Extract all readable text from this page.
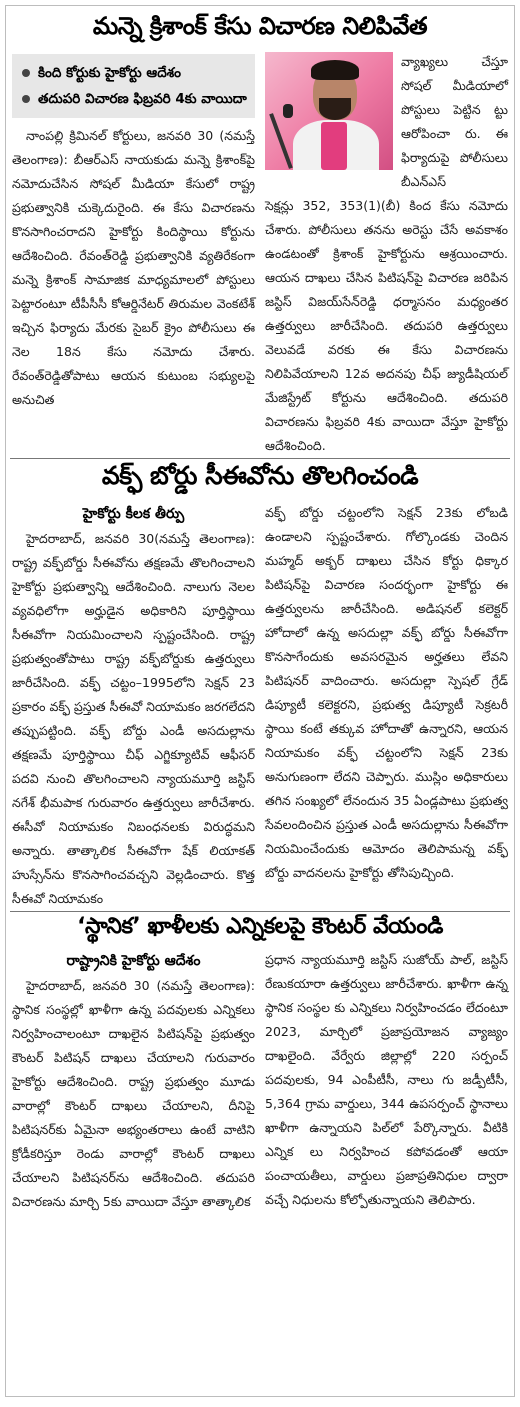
మన్నె క్రిశాంక్ కేసు విచారణ నిలిపివేత
కింది కోర్టుకు హైకోర్టు ఆదేశం
తదుపరి విచారణ ఫిబ్రవరి 4కు వాయిదా

నాంపల్లి క్రిమినల్ కోర్టులు, జనవరి 30 (నమస్తే తెలంగాణ): బీఆర్ఎస్ నాయకుడు మన్నె క్రిశాంక్‌పై నమోదుచేసిన సోషల్ మీడియా కేసులో రాష్ట్ర ప్రభుత్వానికి చుక్కెదురైంది. ఈ కేసు విచారణను కొనసాగించరాదని హైకోర్టు కిందిస్థాయి కోర్టును ఆదేశించింది. రేవంత్‌రెడ్డి ప్రభుత్వానికి వ్యతిరేకంగా మన్నె క్రిశాంక్ సామాజిక మాధ్యమాలలో పోస్టులు పెట్టారంటూ టీపీసీసీ కోఆర్డినేటర్ తిరుమల వెంకటేశ్ ఇచ్చిన ఫిర్యాదు మేరకు సైబర్ క్రైం పోలీసులు ఈ నెల 18న కేసు నమోదు చేశారు. రేవంత్‌రెడ్డితోపాటు ఆయన కుటుంబ సభ్యులపై అనుచిత

వ్యాఖ్యలు చేస్తూ సోషల్ మీడియాలో పోస్టులు పెట్టిన ట్టు ఆరోపించా రు. ఈ ఫిర్యాదుపై పోలీసులు బీఎన్ఎస్

సెక్షన్లు 352, 353(1)(బీ) కింద కేసు నమోదు చేశారు. పోలీసులు తనను అరెస్టు చేసే అవకాశం ఉండటంతో క్రిశాంక్ హైకోర్టును ఆశ్రయించారు. ఆయన దాఖలు చేసిన పిటిషన్‌పై విచారణ జరిపిన జస్టిస్ విజయ్‌సేన్‌రెడ్డి ధర్మాసనం మధ్యంతర ఉత్తర్వులు జారీచేసింది. తదుపరి ఉత్తర్వులు వెలువడే వరకు ఈ కేసు విచారణను నిలిపివేయాలని 12వ అదనపు చీఫ్ జ్యుడీషియల్ మేజిస్ట్రేట్ కోర్టును ఆదేశించింది. తదుపరి విచారణను ఫిబ్రవరి 4కు వాయిదా వేస్తూ హైకోర్టు ఆదేశించింది.

వక్ఫ్ బోర్డు సీఈవోను తొలగించండి
హైకోర్టు కీలక తీర్పు

హైదరాబాద్, జనవరి 30(నమస్తే తెలంగాణ): రాష్ట్ర వక్ఫ్‌బోర్డు సీఈవోను తక్షణమే తొలగించాలని హైకోర్టు ప్రభుత్వాన్ని ఆదేశించింది. నాలుగు నెలల వ్యవధిలోగా అర్హుడైన అధికారిని పూర్తిస్థాయి సీఈవోగా నియమించాలని స్పష్టంచేసింది. రాష్ట్ర ప్రభుత్వంతోపాటు రాష్ట్ర వక్ఫ్‌బోర్డుకు ఉత్తర్వులు జారీచేసింది. వక్ఫ్ చట్టం–1995లోని సెక్షన్ 23 ప్రకారం వక్ఫ్ ప్రస్తుత సీఈవో నియామకం జరగలేదని తప్పుపట్టింది. వక్ఫ్ బోర్డు ఎండీ అసదుల్లాను తక్షణమే పూర్తిస్థాయి చీఫ్ ఎగ్జిక్యూటివ్ ఆఫీసర్ పదవి నుంచి తొలగించాలని న్యాయమూర్తి జస్టిస్ నగేశ్ భీమపాక గురువారం ఉత్తర్వులు జారీచేశారు. ఈసీవో నియామకం నిబంధనలకు విరుద్ధమని అన్నారు. తాత్కాలిక సీఈవోగా షేక్ లియాకత్ హుస్సేన్‌ను కొనసాగించవచ్చని వెల్లడించారు. కొత్త సీఈవో నియామకం

వక్ఫ్ బోర్డు చట్టంలోని సెక్షన్ 23కు లోబడి ఉండాలని స్పష్టంచేశారు. గోల్కొండకు చెందిన మహ్మద్ అక్బర్ దాఖలు చేసిన కోర్టు ధిక్కార పిటిషన్‌పై విచారణ సందర్భంగా హైకోర్టు ఈ ఉత్తర్వులను జారీచేసింది. అడిషనల్ కలెక్టర్ హోదాలో ఉన్న అసదుల్లా వక్ఫ్ బోర్డు సీఈవోగా కొనసాగేందుకు అవసరమైన అర్హతలు లేవని పిటిషనర్ వాదించారు. అసదుల్లా స్పెషల్ గ్రేడ్ డిప్యూటీ కలెక్టరని, ప్రభుత్వ డిప్యూటీ సెక్రటరీ స్థాయి కంటే తక్కువ హోదాతో ఉన్నారని, ఆయన నియామకం వక్ఫ్ చట్టంలోని సెక్షన్ 23కు అనుగుణంగా లేదని చెప్పారు. ముస్లిం అధికారులు తగిన సంఖ్యలో లేనందున 35 ఏండ్లపాటు ప్రభుత్వ సేవలందించిన ప్రస్తుత ఎండీ అసదుల్లాను సీఈవోగా నియమించేందుకు ఆమోదం తెలిపామన్న వక్ఫ్ బోర్డు వాదనలను హైకోర్టు తోసిపుచ్చింది.

‘స్థానిక’ ఖాళీలకు ఎన్నికలపై కౌంటర్ వేయండి
రాష్ట్రానికి హైకోర్టు ఆదేశం

హైదరాబాద్, జనవరి 30 (నమస్తే తెలంగాణ): స్థానిక సంస్థల్లో ఖాళీగా ఉన్న పదవులకు ఎన్నికలు నిర్వహించాలంటూ దాఖలైన పిటిషన్‌పై ప్రభుత్వం కౌంటర్ పిటిషన్ దాఖలు చేయాలని గురువారం హైకోర్టు ఆదేశించింది. రాష్ట్ర ప్రభుత్వం మూడు వారాల్లో కౌంటర్ దాఖలు చేయాలని, దీనిపై పిటిషనర్‌కు ఏమైనా అభ్యంతరాలు ఉంటే వాటిని క్రోడీకరిస్తూ రెండు వారాల్లో కౌంటర్ దాఖలు చేయాలని పిటిషనర్‌ను ఆదేశించింది. తదుపరి విచారణను మార్చి 5కు వాయిదా వేస్తూ తాత్కాలిక

ప్రధాన న్యాయమూర్తి జస్టిస్ సుజోయ్ పాల్, జస్టిస్ రేణుకయారా ఉత్తర్వులు జారీచేశారు. ఖాళీగా ఉన్న స్థానిక సంస్థల కు ఎన్నికలు నిర్వహించడం లేదంటూ 2023, మార్చిలో ప్రజాప్రయోజన వ్యాజ్యం దాఖలైంది. వేర్వేరు జిల్లాల్లో 220 సర్పంచ్ పదవులకు, 94 ఎంపీటీసీ, నాలు గు జడ్పీటీసీ, 5,364 గ్రామ వార్డులు, 344 ఉపసర్పంచ్ స్థానాలు ఖాళీగా ఉన్నాయని పిల్‌లో పేర్కొన్నారు. వీటికి ఎన్నిక లు నిర్వహించ కపోవడంతో ఆయా పంచాయతీలు, వార్డులు ప్రజాప్రతినిధుల ద్వారా వచ్చే నిధులను కోల్పోతున్నాయని తెలిపారు.
